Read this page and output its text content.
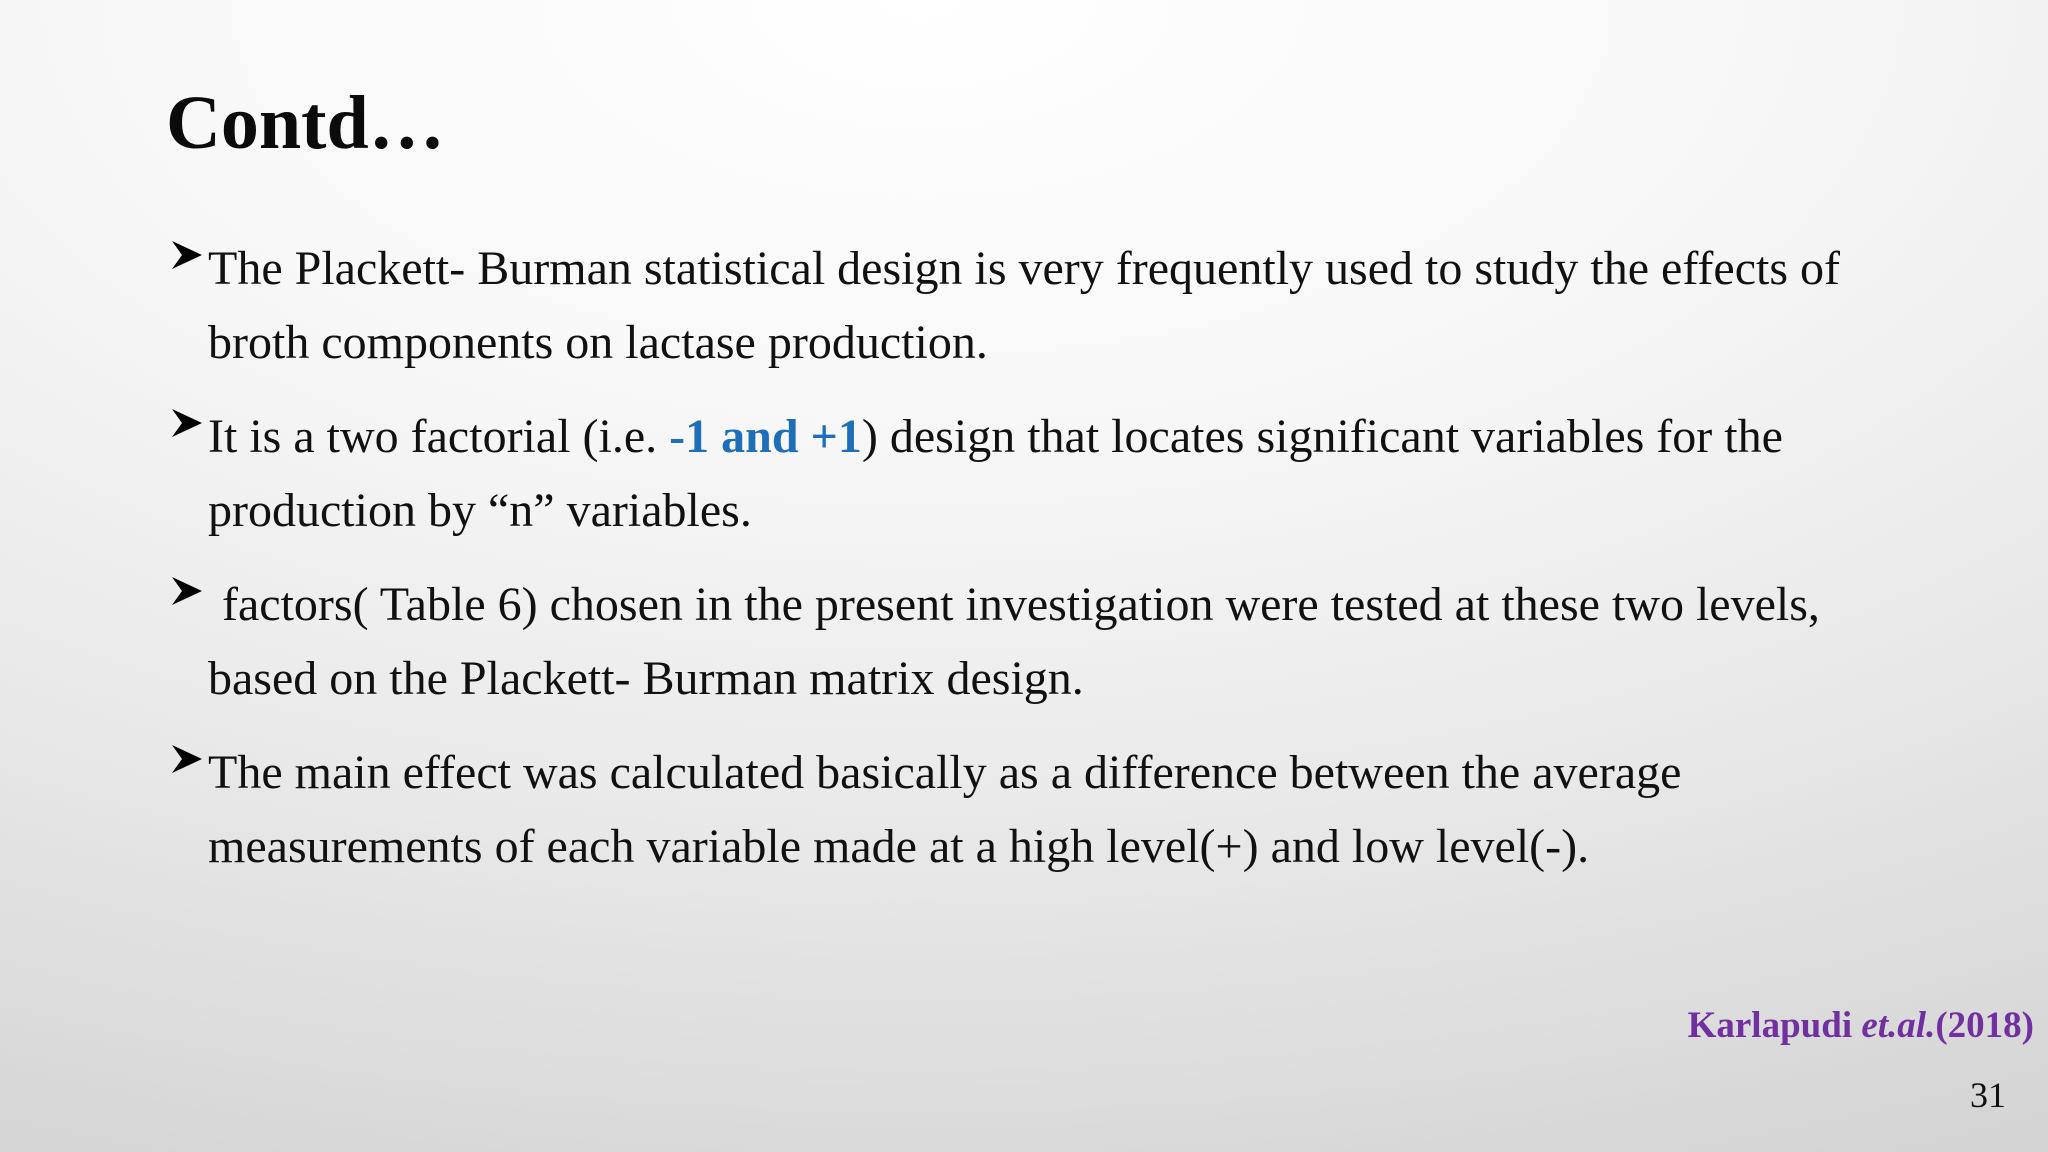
Contd…
The Plackett- Burman statistical design is very frequently used to study the effects of broth components on lactase production.
It is a two factorial (i.e. -1 and +1) design that locates significant variables for the production by “n” variables.
factors( Table 6) chosen in the present investigation were tested at these two levels, based on the Plackett- Burman matrix design.
The main effect was calculated basically as a difference between the average measurements of each variable made at a high level(+) and low level(-).
Karlapudi et.al.(2018)
31
